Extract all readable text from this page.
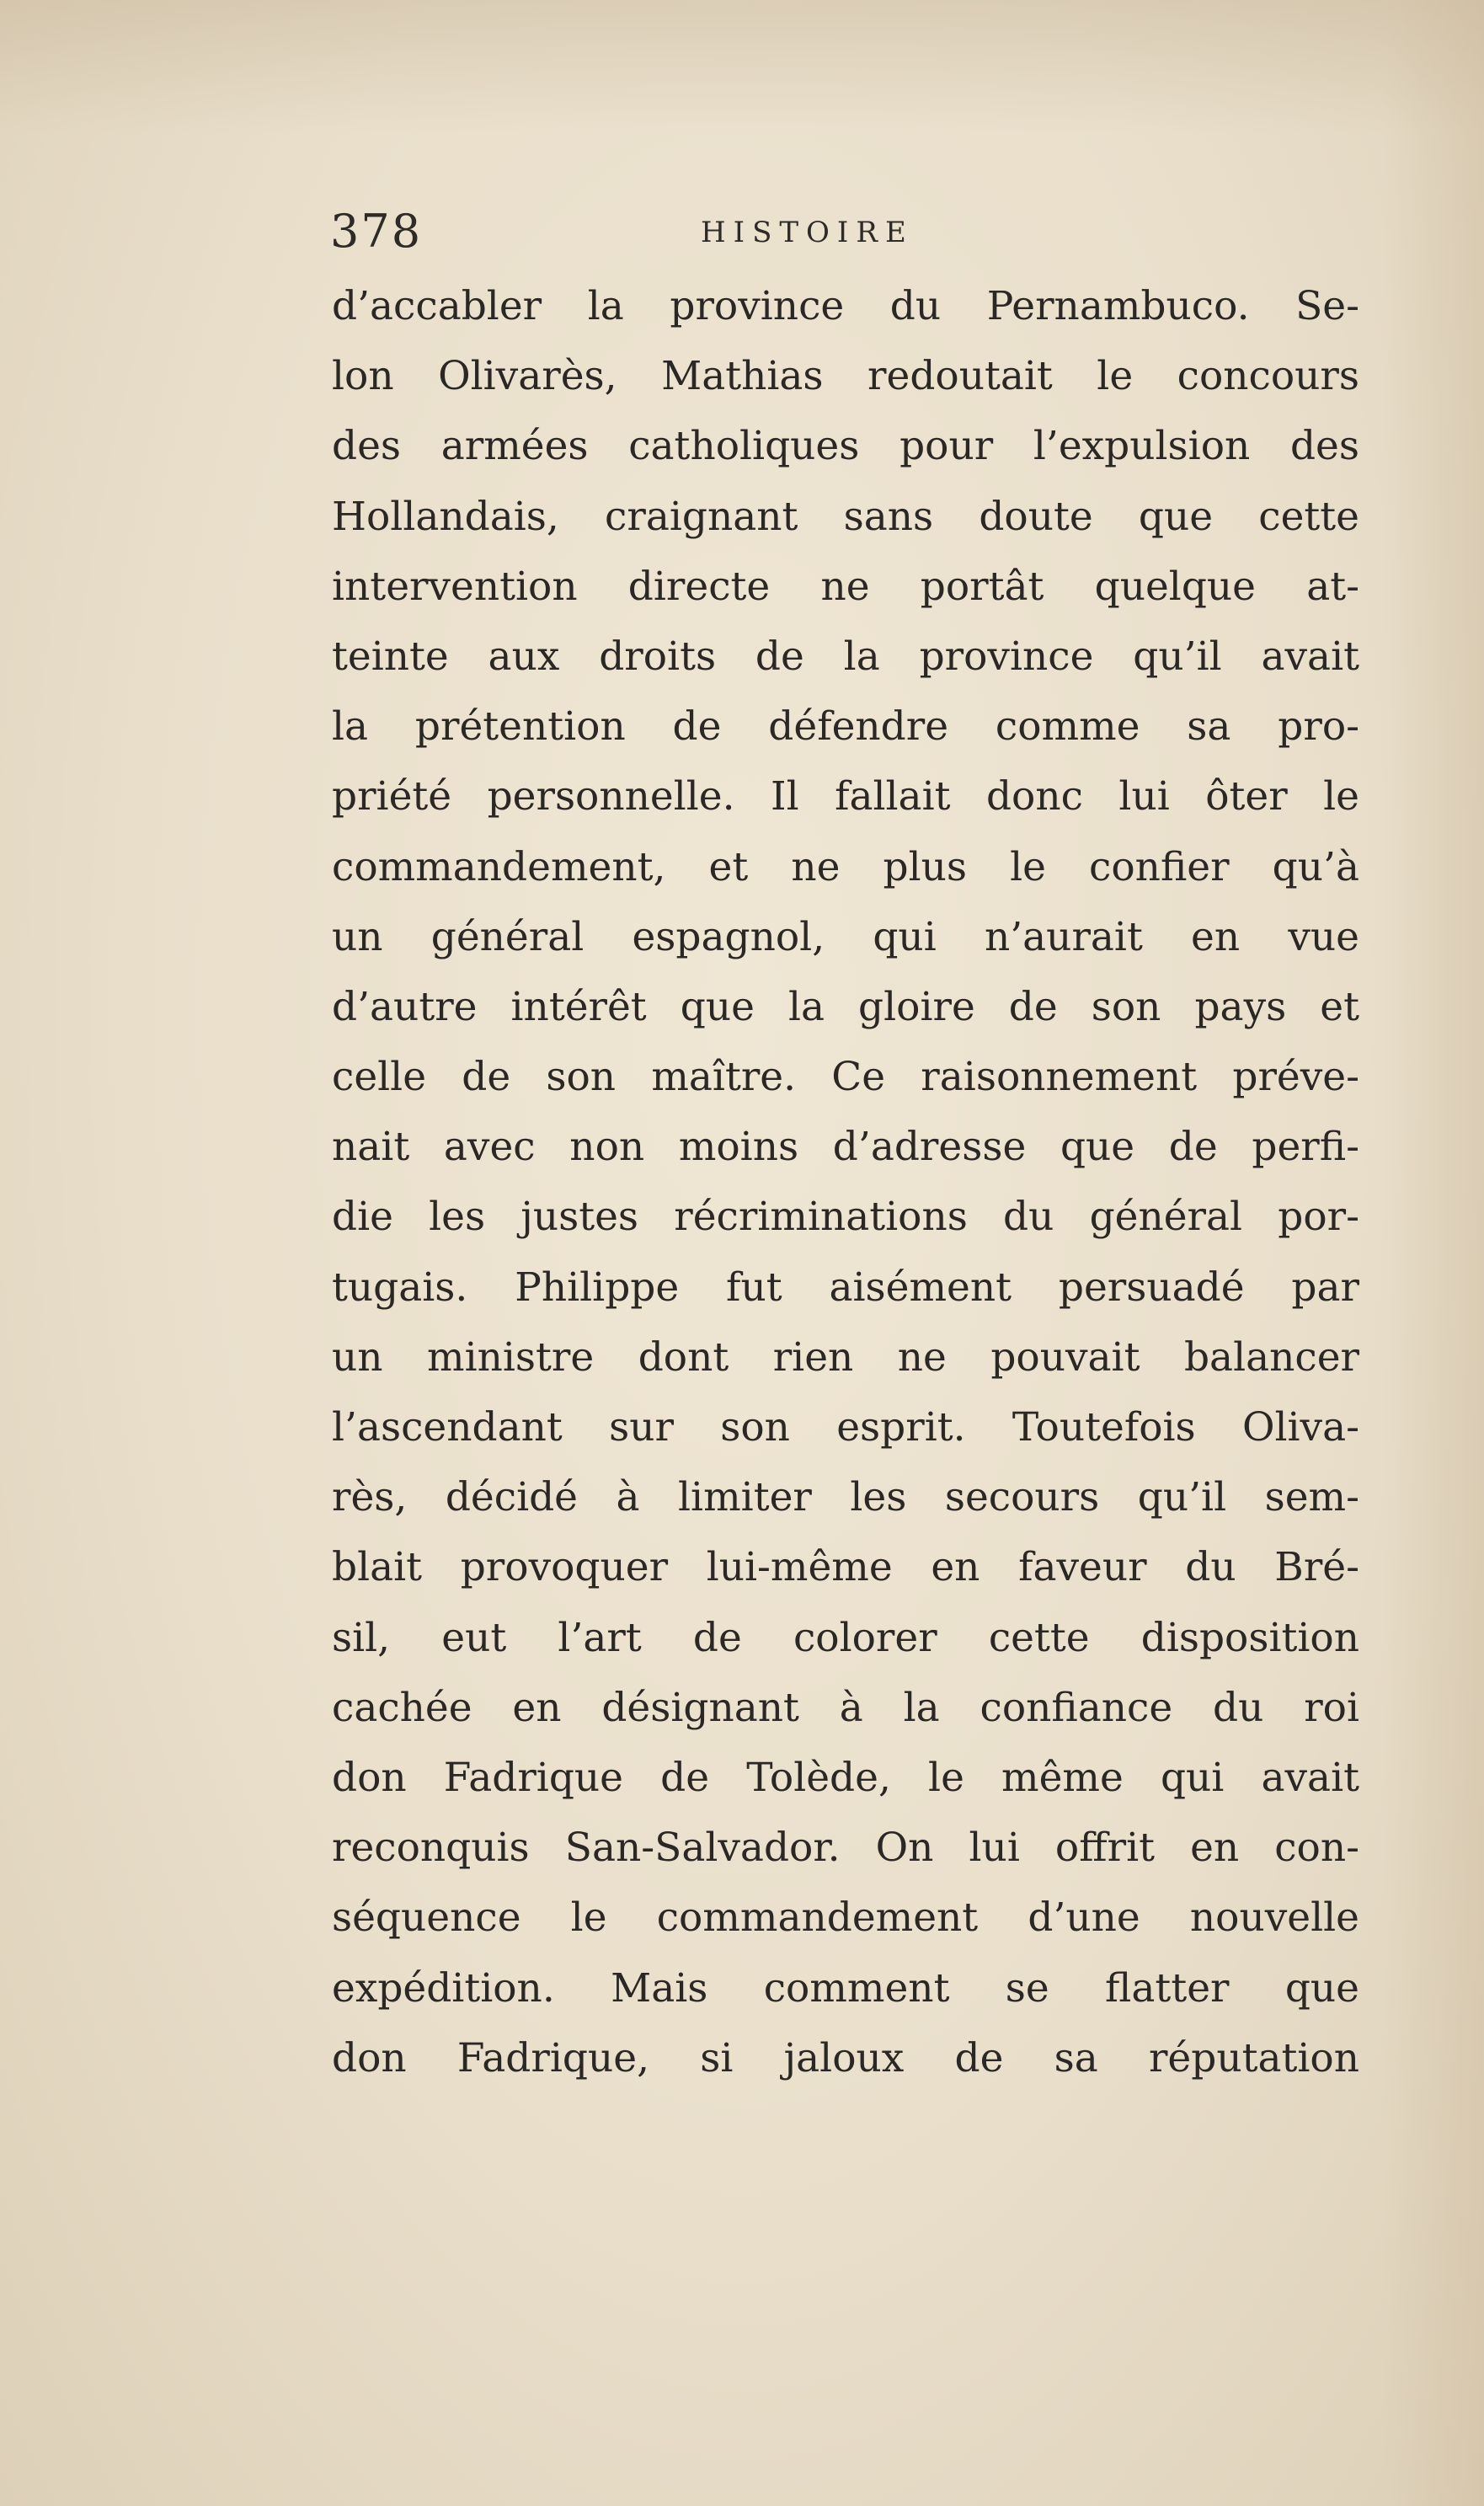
378	HISTOIRE
d’accabler la province du Pernambuco. Se-
lon Olivarès, Mathias redoutait le concours
des armées catholiques pour l’expulsion des
Hollandais, craignant sans doute que cette
intervention directe ne portât quelque at-
teinte aux droits de la province qu’il avait
la prétention de défendre comme sa pro-
priété personnelle. Il fallait donc lui ôter le
commandement, et ne plus le confier qu’à
un général espagnol, qui n’aurait en vue
d’autre intérêt que la gloire de son pays et
celle de son maître. Ce raisonnement préve-
nait avec non moins d’adresse que de perfi-
die les justes récriminations du général por-
tugais. Philippe fut aisément persuadé par
un ministre dont rien ne pouvait balancer
l’ascendant sur son esprit. Toutefois Oliva-
rès, décidé à limiter les secours qu’il sem-
blait provoquer lui-même en faveur du Bré-
sil, eut l’art de colorer cette disposition
cachée en désignant à la confiance du roi
don Fadrique de Tolède, le même qui avait
reconquis San-Salvador. On lui offrit en con-
séquence le commandement d’une nouvelle
expédition. Mais comment se flatter que
don Fadrique, si jaloux de sa réputation
